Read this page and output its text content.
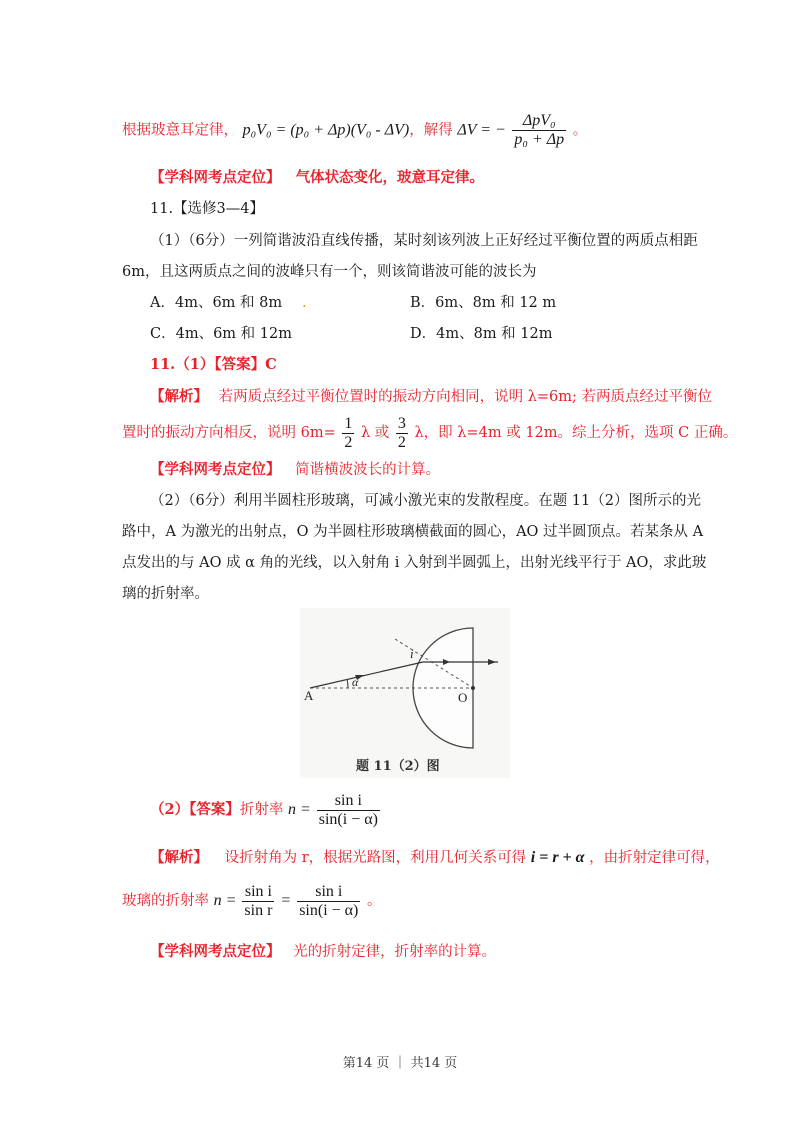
根据玻意耳定律， p₀V₀ = (p₀ + Δp)(V₀ - ΔV)，解得 ΔV = − $\frac{\text{ΔpV₀}}{\text{p₀ + Δp}}$ 。
【学科网考点定位】 气体状态变化，玻意耳定律。
11.【选修3—4】
（1）（6分）一列简谐波沿直线传播，某时刻该列波上正好经过平衡位置的两质点相距
6m，且这两质点之间的波峰只有一个，则该简谐波可能的波长为
A．4m、6m 和 8m .	B．6m、8m 和 12 m
C．4m、6m 和 12m	D．4m、8m 和 12m
11.（1）【答案】C
【解析】 若两质点经过平衡位置时的振动方向相同，说明 λ=6m; 若两质点经过平衡位
置时的振动方向相反，说明 $6m= \frac{1}{2}$ λ 或 $\frac{3}{2}$ λ，即 λ=4m 或 12m。综上分析，选项 C 正确。
【学科网考点定位】 简谐横波波长的计算。
（2）（6分）利用半圆柱形玻璃，可减小激光束的发散程度。在题 11（2）图所示的光
路中，A 为激光的出射点，O 为半圆柱形玻璃横截面的圆心，AO 过半圆顶点。若某条从 A
点发出的与 AO 成 α 角的光线，以入射角 i 入射到半圆弧上，出射光线平行于 AO，求此玻
璃的折射率。
A	O
i
α
题 11（2）图
（2）【答案】折射率 $n = \frac{\text{sin i}}{\sin(i - \alpha)}$
【解析】 设折射角为 r，根据光路图，利用几何关系可得 i = r + α ，由折射定律可得，
玻璃的折射率 $n = \frac{\text{sin i}}{\text{sin r}} = \frac{\text{sin i}}{\sin(i - \alpha)}$ 。
【学科网考点定位】 光的折射定律，折射率的计算。
第14 页 ｜ 共14 页
